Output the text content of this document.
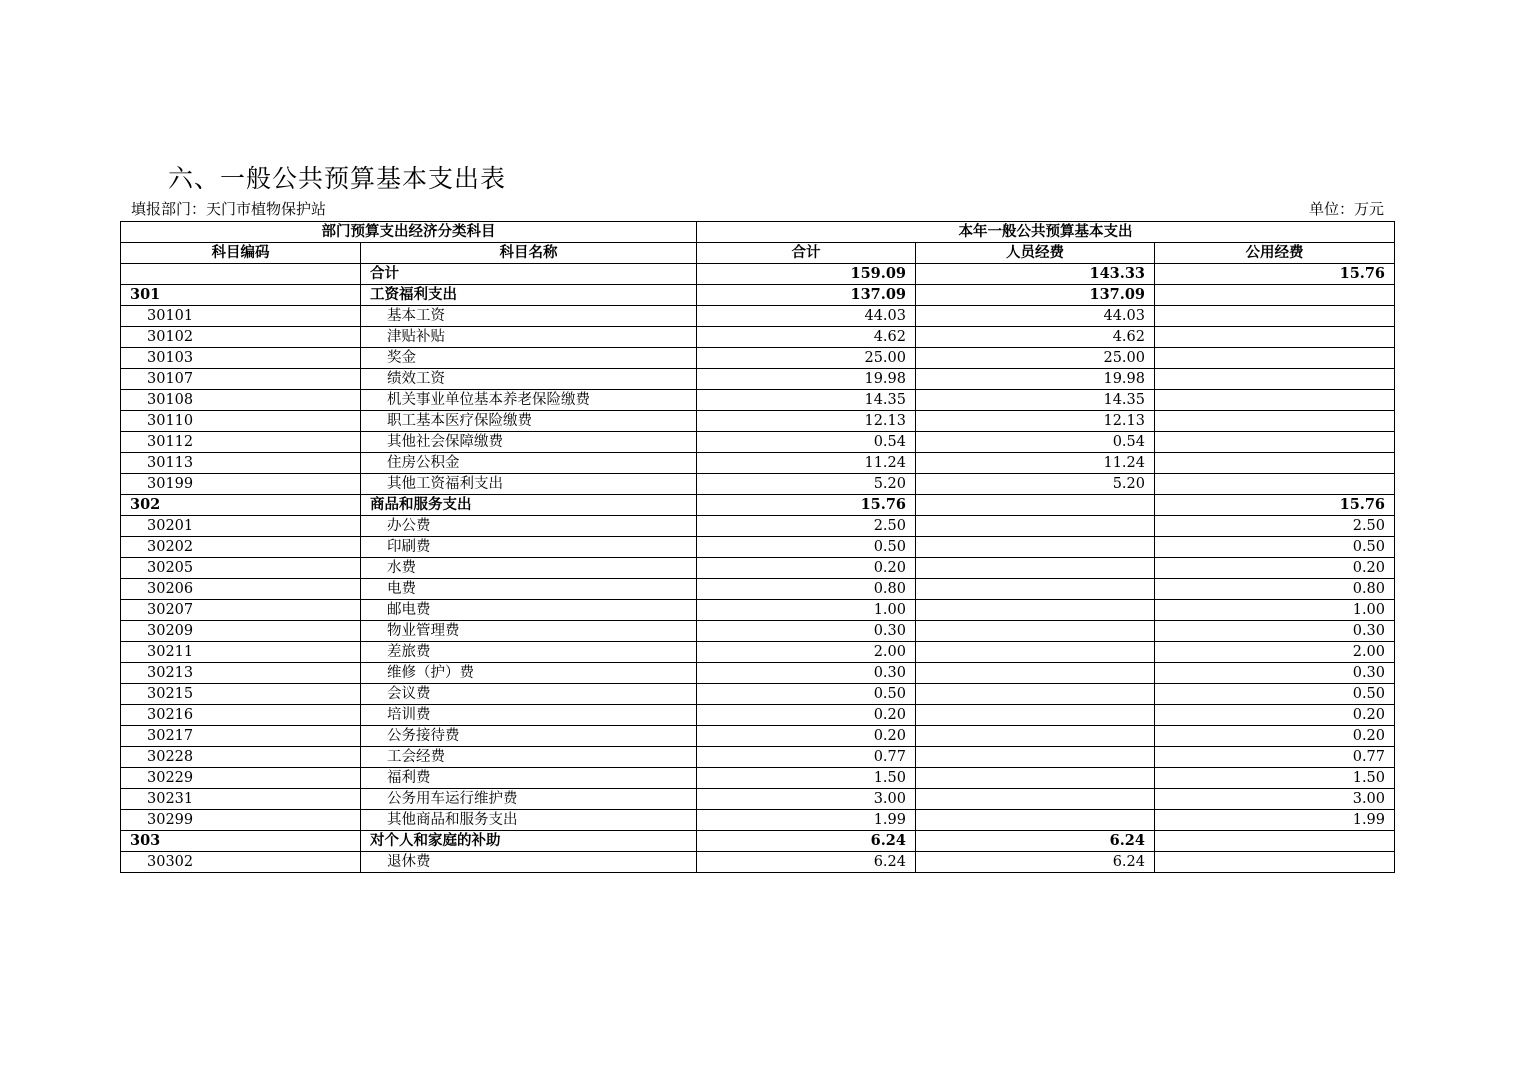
六、一般公共预算基本支出表
填报部门：天门市植物保护站	单位：万元
部门预算支出经济分类科目		本年一般公共预算基本支出		
科目编码	科目名称	合计	人员经费	公用经费
	合计	159.09	143.33	15.76
301	工资福利支出	137.09	137.09	
30101	基本工资	44.03	44.03	
30102	津贴补贴	4.62	4.62	
30103	奖金	25.00	25.00	
30107	绩效工资	19.98	19.98	
30108	机关事业单位基本养老保险缴费	14.35	14.35	
30110	职工基本医疗保险缴费	12.13	12.13	
30112	其他社会保障缴费	0.54	0.54	
30113	住房公积金	11.24	11.24	
30199	其他工资福利支出	5.20	5.20	
302	商品和服务支出	15.76		15.76
30201	办公费	2.50		2.50
30202	印刷费	0.50		0.50
30205	水费	0.20		0.20
30206	电费	0.80		0.80
30207	邮电费	1.00		1.00
30209	物业管理费	0.30		0.30
30211	差旅费	2.00		2.00
30213	维修（护）费	0.30		0.30
30215	会议费	0.50		0.50
30216	培训费	0.20		0.20
30217	公务接待费	0.20		0.20
30228	工会经费	0.77		0.77
30229	福利费	1.50		1.50
30231	公务用车运行维护费	3.00		3.00
30299	其他商品和服务支出	1.99		1.99
303	对个人和家庭的补助	6.24	6.24	
30302	退休费	6.24	6.24	
